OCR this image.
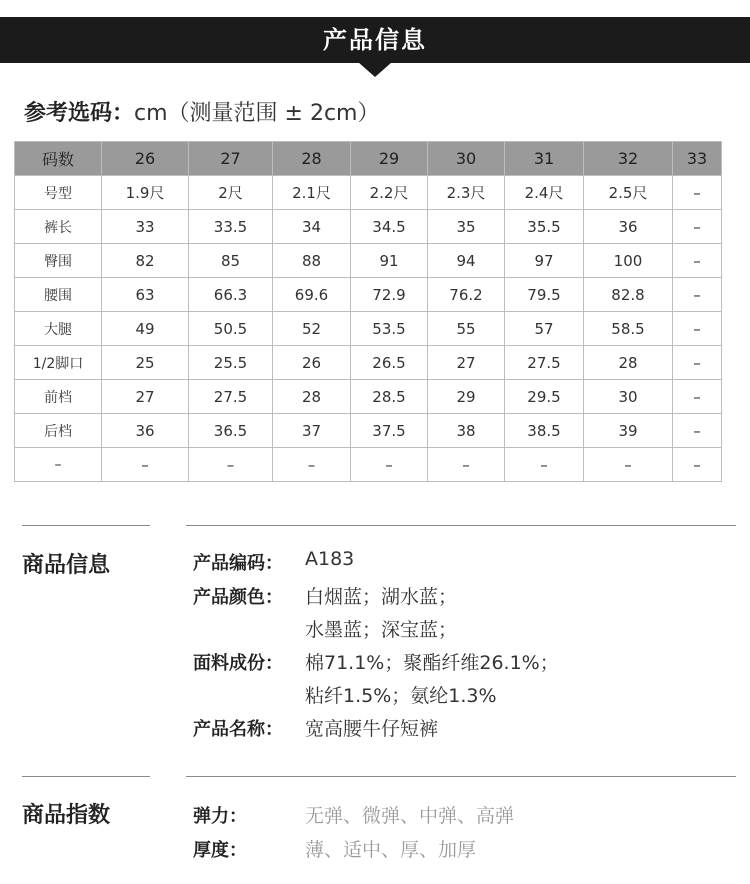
产品信息
参考选码：cm（测量范围 ± 2cm）
码数	26	27	28	29	30	31	32	33
号型	1.9尺	2尺	2.1尺	2.2尺	2.3尺	2.4尺	2.5尺	–
裤长	33	33.5	34	34.5	35	35.5	36	–
臀围	82	85	88	91	94	97	100	–
腰围	63	66.3	69.6	72.9	76.2	79.5	82.8	–
大腿	49	50.5	52	53.5	55	57	58.5	–
1/2脚口	25	25.5	26	26.5	27	27.5	28	–
前档	27	27.5	28	28.5	29	29.5	30	–
后档	36	36.5	37	37.5	38	38.5	39	–
–	–	–	–	–	–	–	–	–
商品信息	产品编码： A183
产品颜色： 白烟蓝；湖水蓝；
水墨蓝；深宝蓝；
面料成份： 棉71.1%；聚酯纤维26.1%；
粘纤1.5%；氨纶1.3%
产品名称： 宽高腰牛仔短裤
商品指数	弹力：	无弹、微弹、中弹、高弹
厚度：	薄、适中、厚、加厚
